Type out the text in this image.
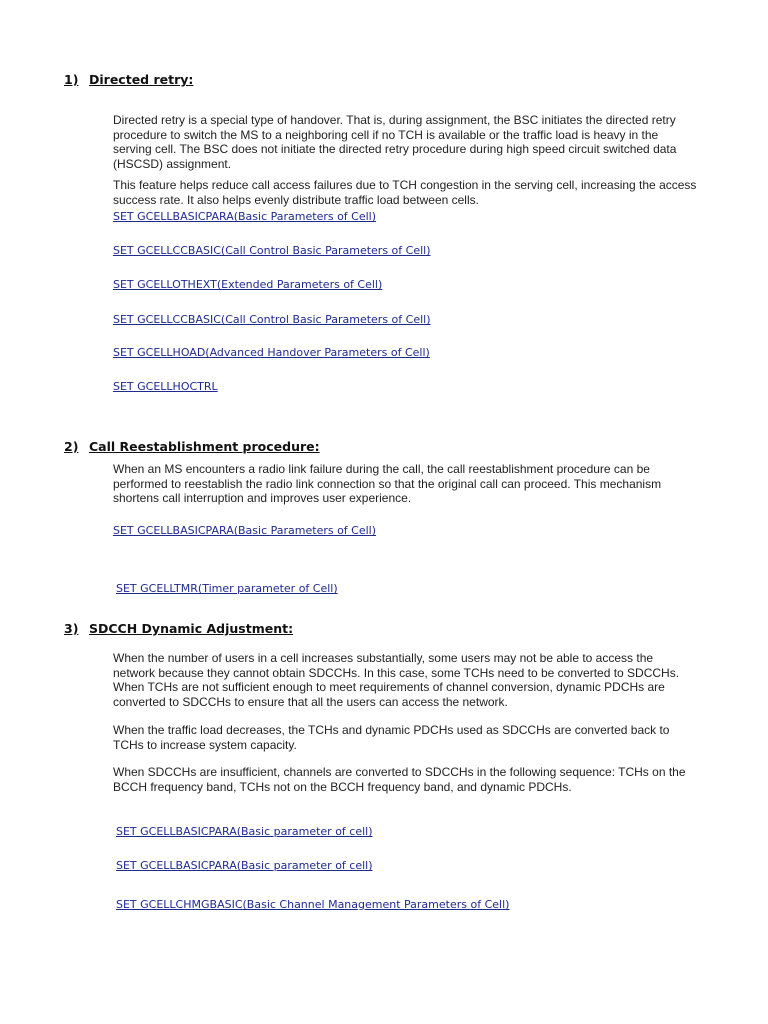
1) Directed retry:

Directed retry is a special type of handover. That is, during assignment, the BSC initiates the directed retry procedure to switch the MS to a neighboring cell if no TCH is available or the traffic load is heavy in the serving cell. The BSC does not initiate the directed retry procedure during high speed circuit switched data (HSCSD) assignment.

This feature helps reduce call access failures due to TCH congestion in the serving cell, increasing the access success rate. It also helps evenly distribute traffic load between cells.

SET GCELLBASICPARA(Basic Parameters of Cell)
SET GCELLCCBASIC(Call Control Basic Parameters of Cell)
SET GCELLOTHEXT(Extended Parameters of Cell)
SET GCELLCCBASIC(Call Control Basic Parameters of Cell)
SET GCELLHOAD(Advanced Handover Parameters of Cell)
SET GCELLHOCTRL
2) Call Reestablishment procedure:

When an MS encounters a radio link failure during the call, the call reestablishment procedure can be performed to reestablish the radio link connection so that the original call can proceed. This mechanism shortens call interruption and improves user experience.

SET GCELLBASICPARA(Basic Parameters of Cell)
SET GCELLTMR(Timer parameter of Cell)
3) SDCCH Dynamic Adjustment:

When the number of users in a cell increases substantially, some users may not be able to access the network because they cannot obtain SDCCHs. In this case, some TCHs need to be converted to SDCCHs. When TCHs are not sufficient enough to meet requirements of channel conversion, dynamic PDCHs are converted to SDCCHs to ensure that all the users can access the network.

When the traffic load decreases, the TCHs and dynamic PDCHs used as SDCCHs are converted back to TCHs to increase system capacity.

When SDCCHs are insufficient, channels are converted to SDCCHs in the following sequence: TCHs on the BCCH frequency band, TCHs not on the BCCH frequency band, and dynamic PDCHs.

SET GCELLBASICPARA(Basic parameter of cell)
SET GCELLBASICPARA(Basic parameter of cell)
SET GCELLCHMGBASIC(Basic Channel Management Parameters of Cell)
